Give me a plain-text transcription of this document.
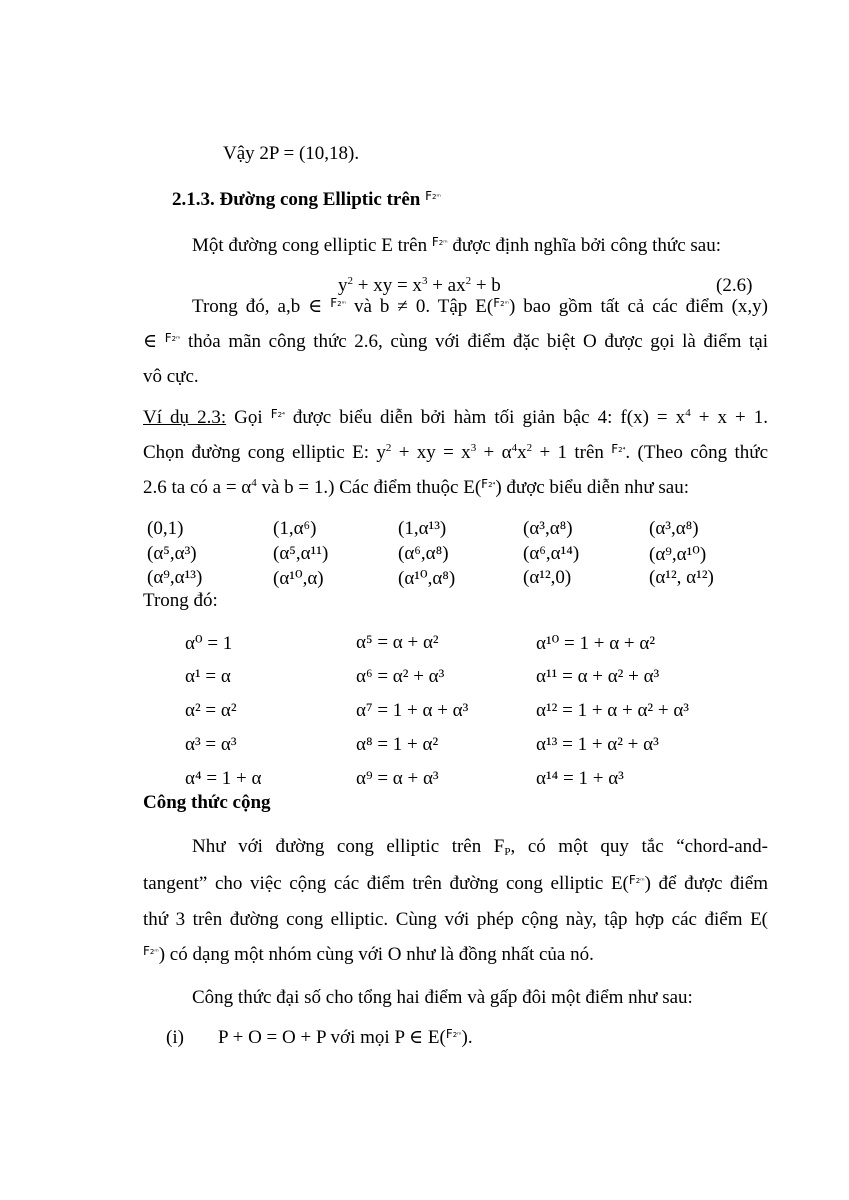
Vậy 2P = (10,18).
2.1.3. Đường cong Elliptic trên $^{F2ᵐ}$
Một đường cong elliptic E trên $^{F2ᵐ}$ được định nghĩa bởi công thức sau:
$y^2$ + xy = $x^3 + ax^2 + b$	(2.6)
Trong đó, a,b ∈ $^{F2ᵐ}$ và b ≠ 0. Tập E($^{F2ᵐ}$) bao gồm tất cả các điểm (x,y)
∈ $^{F2ᵐ}$ thỏa mãn công thức 2.6, cùng với điểm đặc biệt O được gọi là điểm tại
vô cực.
Ví dụ 2.3: Gọi $^{F2^4}$ được biểu diễn bởi hàm tối giản bậc 4: $f(x) = x^4 + x + 1$.
Chọn đường cong elliptic E: $y^2$ + xy = $x^3 + \alpha^4x^2 + 1$ trên $^{F2^4}$. (Theo công thức
2.6 ta có $a = \alpha^4$ và b = 1.) Các điểm thuộc E($^{F2^4}$) được biểu diễn như sau:
(0,1)	(1,α⁶)	(1,α¹³)	(α³,α⁸)	(α³,α⁸)
(α⁵,α³)	(α⁵,α¹¹)	(α⁶,α⁸)	(α⁶,α¹⁴)	(α⁹,α¹⁰)
(α⁹,α¹³)	(α¹⁰,α)	(α¹⁰,α⁸)	(α¹²,0)	(α¹², α¹²)
Trong đó:
α⁰ = 1	α⁵ = α + α²	α¹⁰ = 1 + α + α²
α¹ = α	α⁶ = α² + α³	α¹¹ = α + α² + α³
α² = α²	α⁷ = 1 + α + α³	α¹² = 1 + α + α² + α³
α³ = α³	α⁸ = 1 + α²	α¹³ = 1 + α² + α³
α⁴ = 1 + α	α⁹ = α + α³	α¹⁴ = 1 + α³
Công thức cộng
Như với đường cong elliptic trên $F_P$, có một quy tắc “chord-and-
tangent” cho việc cộng các điểm trên đường cong elliptic E($^{F2ᵐ}$) để được điểm
thứ 3 trên đường cong elliptic. Cùng với phép cộng này, tập hợp các điểm E(
$^{F2ᵐ}$) có dạng một nhóm cùng với O như là đồng nhất của nó.
Công thức đại số cho tổng hai điểm và gấp đôi một điểm như sau:
(i) P + O = O + P với mọi P ∈ E($^{F2ᵐ}$).
